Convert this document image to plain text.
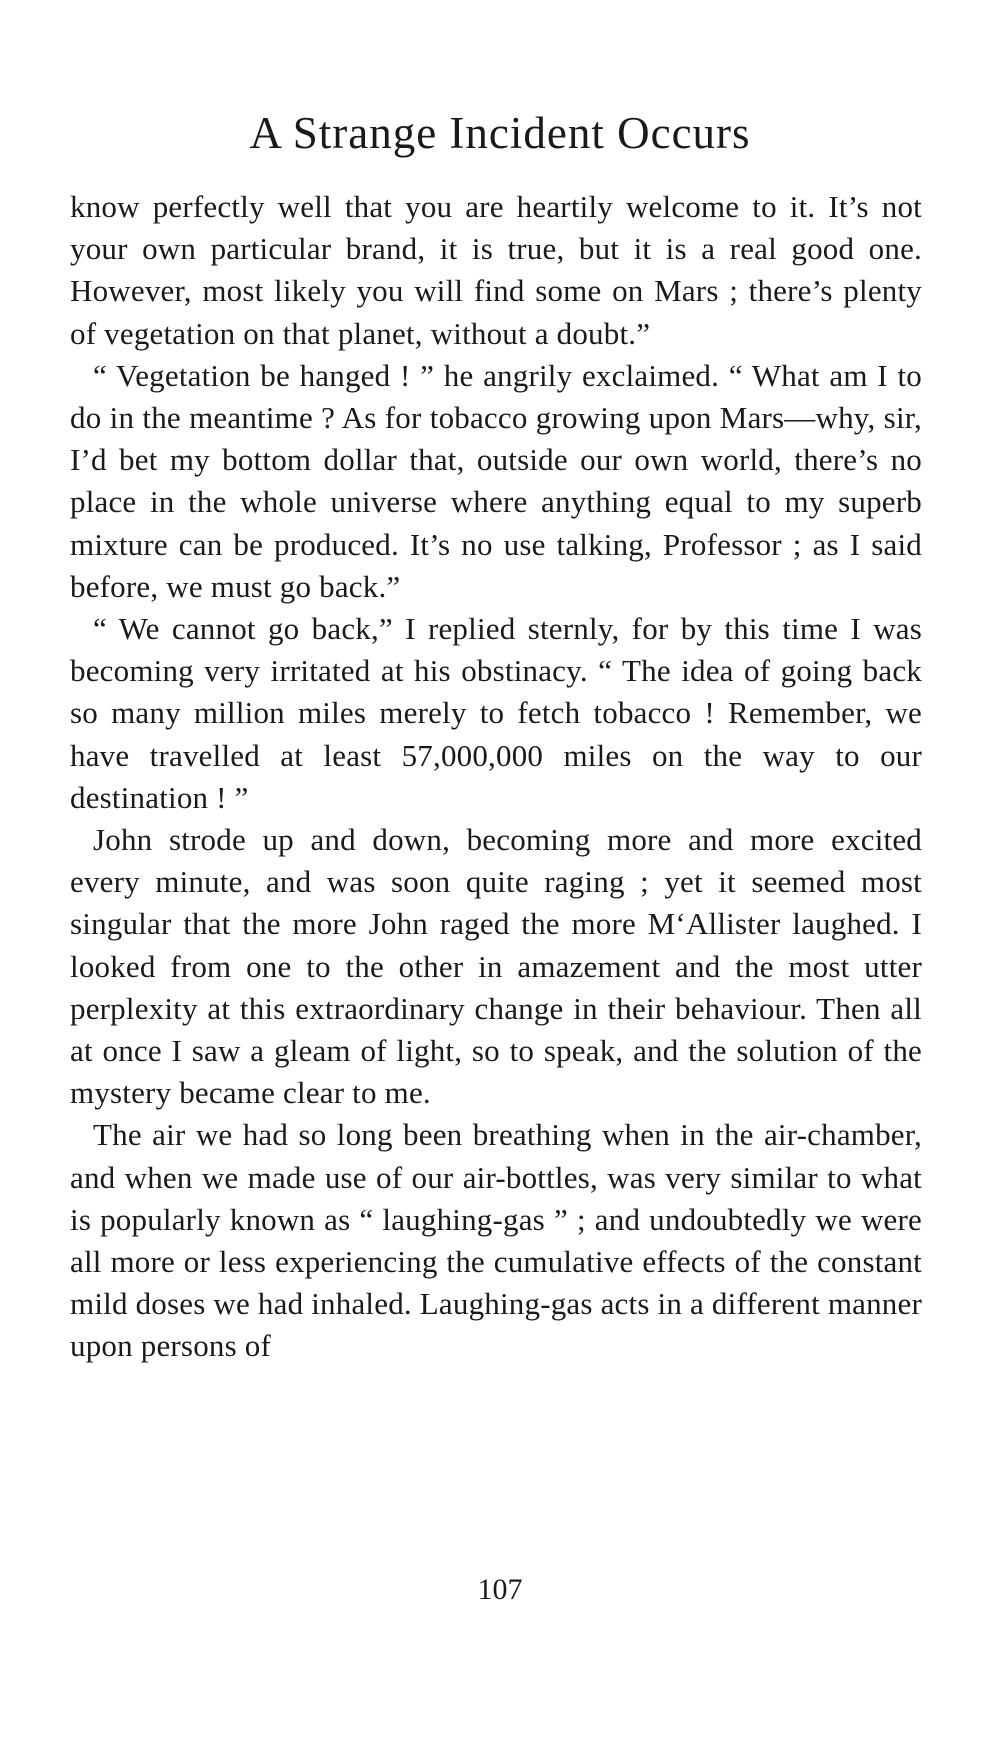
A Strange Incident Occurs

know perfectly well that you are heartily welcome to it. It’s not your own particular brand, it is true, but it is a real good one. However, most likely you will find some on Mars ; there’s plenty of vegetation on that planet, without a doubt.”

“ Vegetation be hanged ! ” he angrily exclaimed. “ What am I to do in the meantime ? As for tobacco growing upon Mars—why, sir, I’d bet my bottom dollar that, outside our own world, there’s no place in the whole universe where anything equal to my superb mixture can be produced. It’s no use talking, Professor ; as I said before, we must go back.”

“ We cannot go back,” I replied sternly, for by this time I was becoming very irritated at his obstinacy. “ The idea of going back so many million miles merely to fetch tobacco ! Remember, we have travelled at least 57,000,000 miles on the way to our destination ! ”

John strode up and down, becoming more and more excited every minute, and was soon quite raging ; yet it seemed most singular that the more John raged the more M‘Allister laughed. I looked from one to the other in amazement and the most utter perplexity at this extraordinary change in their behaviour. Then all at once I saw a gleam of light, so to speak, and the solution of the mystery became clear to me.

The air we had so long been breathing when in the air-chamber, and when we made use of our air-bottles, was very similar to what is popularly known as “ laughing-gas ” ; and undoubtedly we were all more or less experiencing the cumulative effects of the constant mild doses we had inhaled. Laughing-gas acts in a different manner upon persons of

107
